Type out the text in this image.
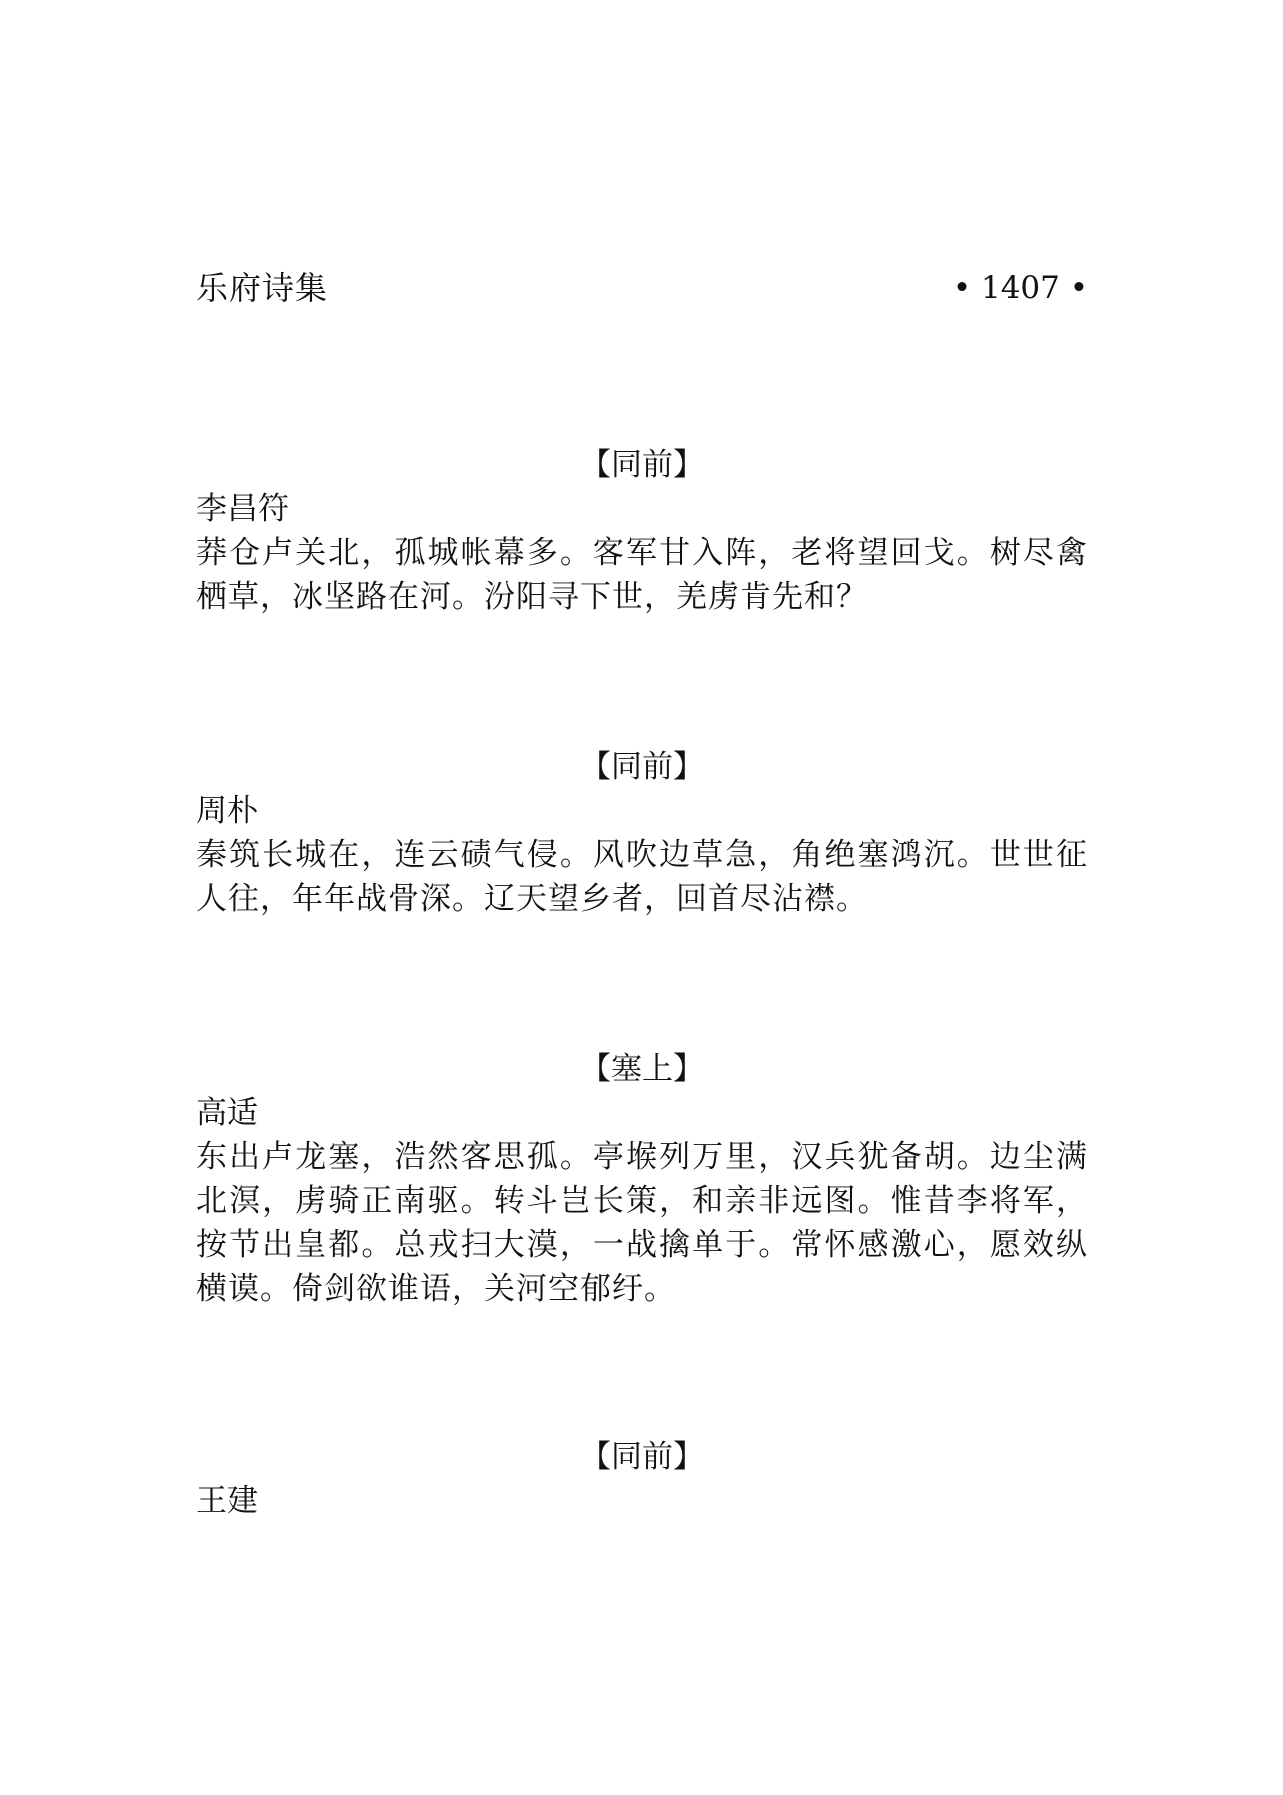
乐府诗集	• 1407 •
【同前】
李昌符

莽仓卢关北，孤城帐幕多。客军甘入阵，老将望回戈。树尽禽栖草，冰坚路在河。汾阳寻下世，羌虏肯先和？

【同前】
周朴

秦筑长城在，连云碛气侵。风吹边草急，角绝塞鸿沉。世世征人往，年年战骨深。辽天望乡者，回首尽沾襟。

【塞上】
高适

东出卢龙塞，浩然客思孤。亭堠列万里，汉兵犹备胡。边尘满北溟，虏骑正南驱。转斗岂长策，和亲非远图。惟昔李将军，按节出皇都。总戎扫大漠，一战擒单于。常怀感激心，愿效纵横谟。倚剑欲谁语，关河空郁纡。

【同前】
王建
